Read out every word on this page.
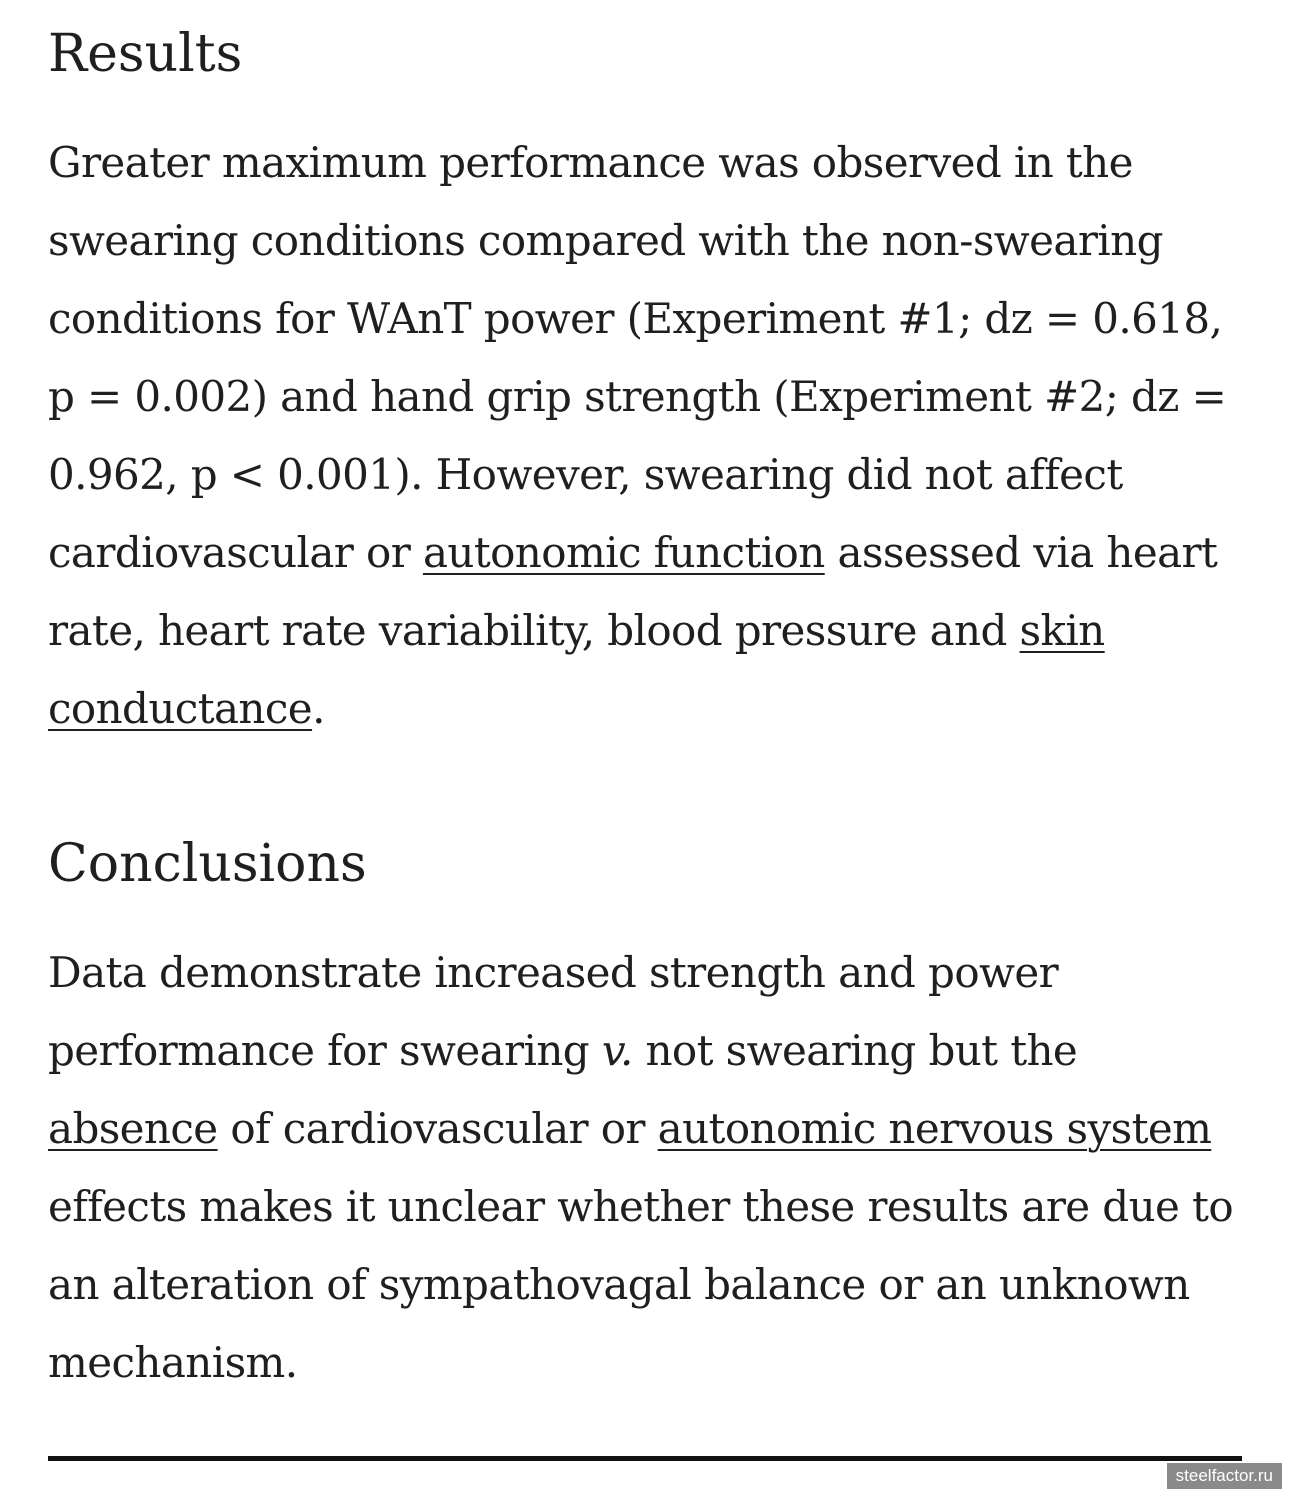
Results

Greater maximum performance was observed in the swearing conditions compared with the non-swearing conditions for WAnT power (Experiment #1; dz = 0.618, p = 0.002) and hand grip strength (Experiment #2; dz = 0.962, p < 0.001). However, swearing did not affect cardiovascular or autonomic function assessed via heart rate, heart rate variability, blood pressure and skin conductance.

Conclusions

Data demonstrate increased strength and power performance for swearing v. not swearing but the absence of cardiovascular or autonomic nervous system effects makes it unclear whether these results are due to an alteration of sympathovagal balance or an unknown mechanism.

steelfactor.ru
